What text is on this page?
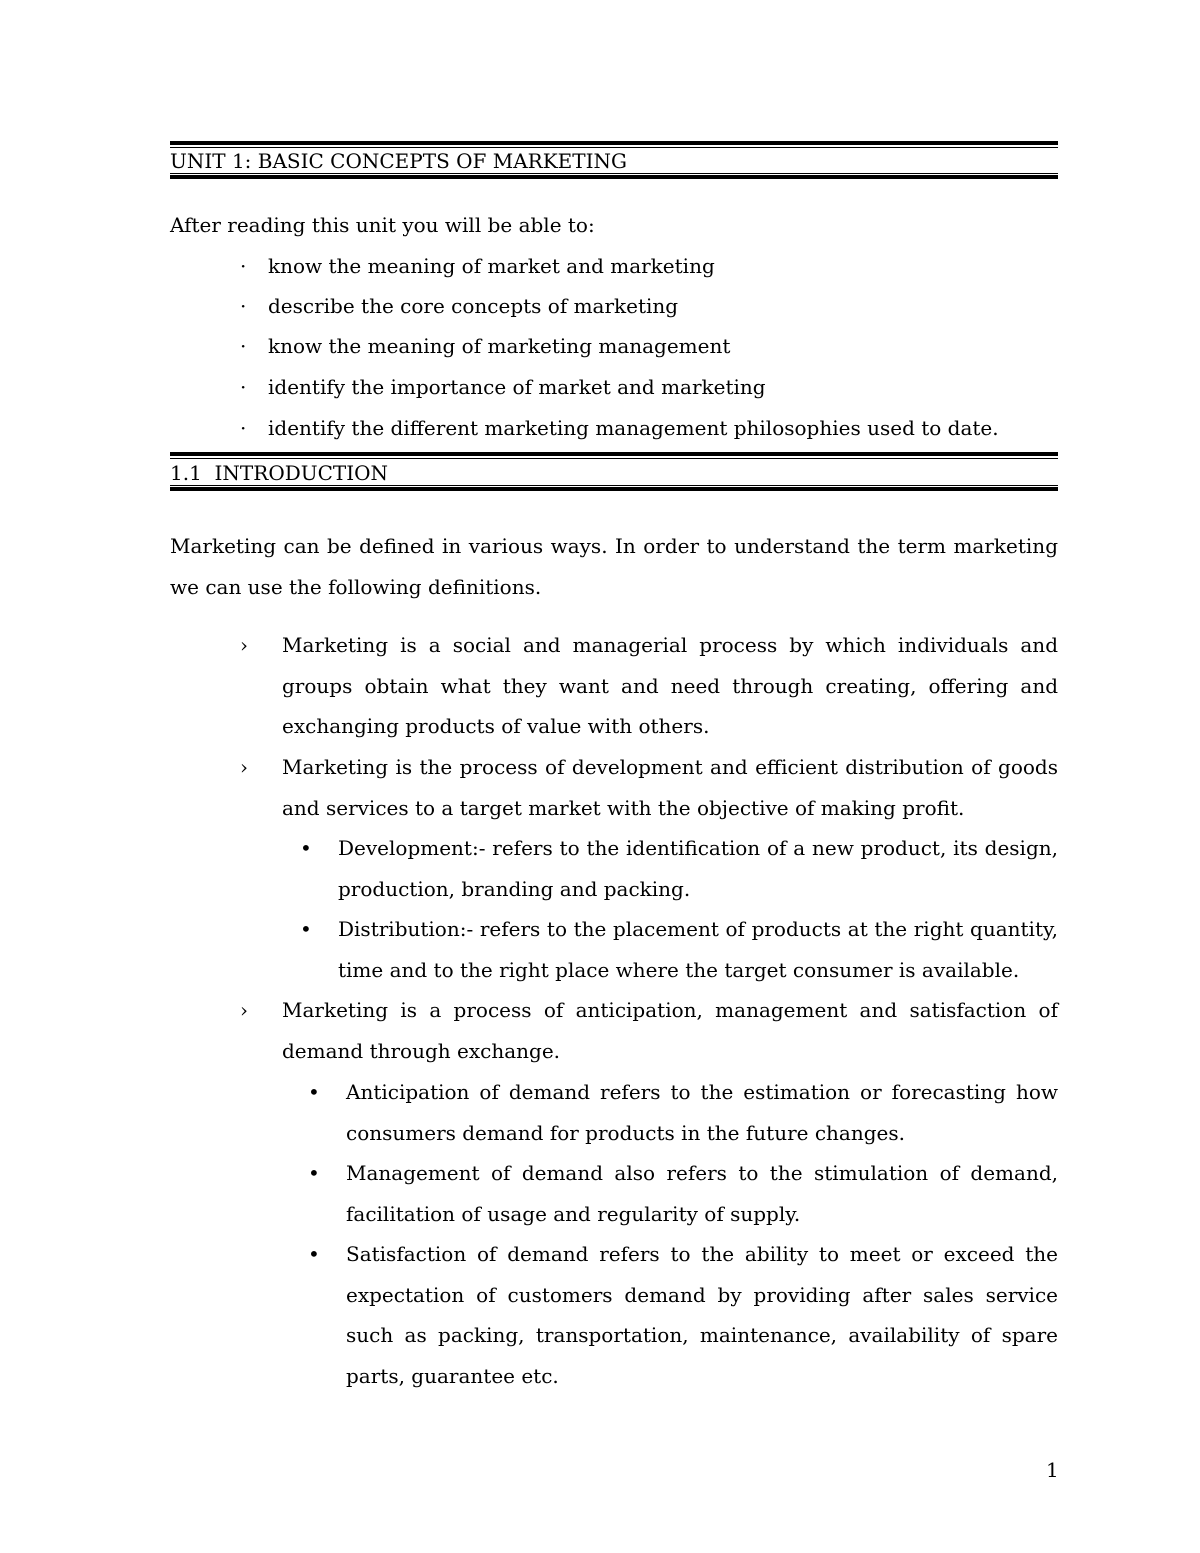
UNIT 1: BASIC CONCEPTS OF MARKETING
After reading this unit you will be able to:
· know the meaning of market and marketing
· describe the core concepts of marketing
· know the meaning of marketing management
· identify the importance of market and marketing
· identify the different marketing management philosophies used to date.
1.1  INTRODUCTION
Marketing can be defined in various ways. In order to understand the term marketing we can use the following definitions.
› Marketing is a social and managerial process by which individuals and groups obtain what they want and need through creating, offering and exchanging products of value with others.
› Marketing is the process of development and efficient distribution of goods and services to a target market with the objective of making profit.
• Development:- refers to the identification of a new product, its design, production, branding and packing.
• Distribution:- refers to the placement of products at the right quantity, time and to the right place where the target consumer is available.
› Marketing is a process of anticipation, management and satisfaction of demand through exchange.
• Anticipation of demand refers to the estimation or forecasting how consumers demand for products in the future changes.
• Management of demand also refers to the stimulation of demand, facilitation of usage and regularity of supply.
• Satisfaction of demand refers to the ability to meet or exceed the expectation of customers demand by providing after sales service such as packing, transportation, maintenance, availability of spare parts, guarantee etc.
1
